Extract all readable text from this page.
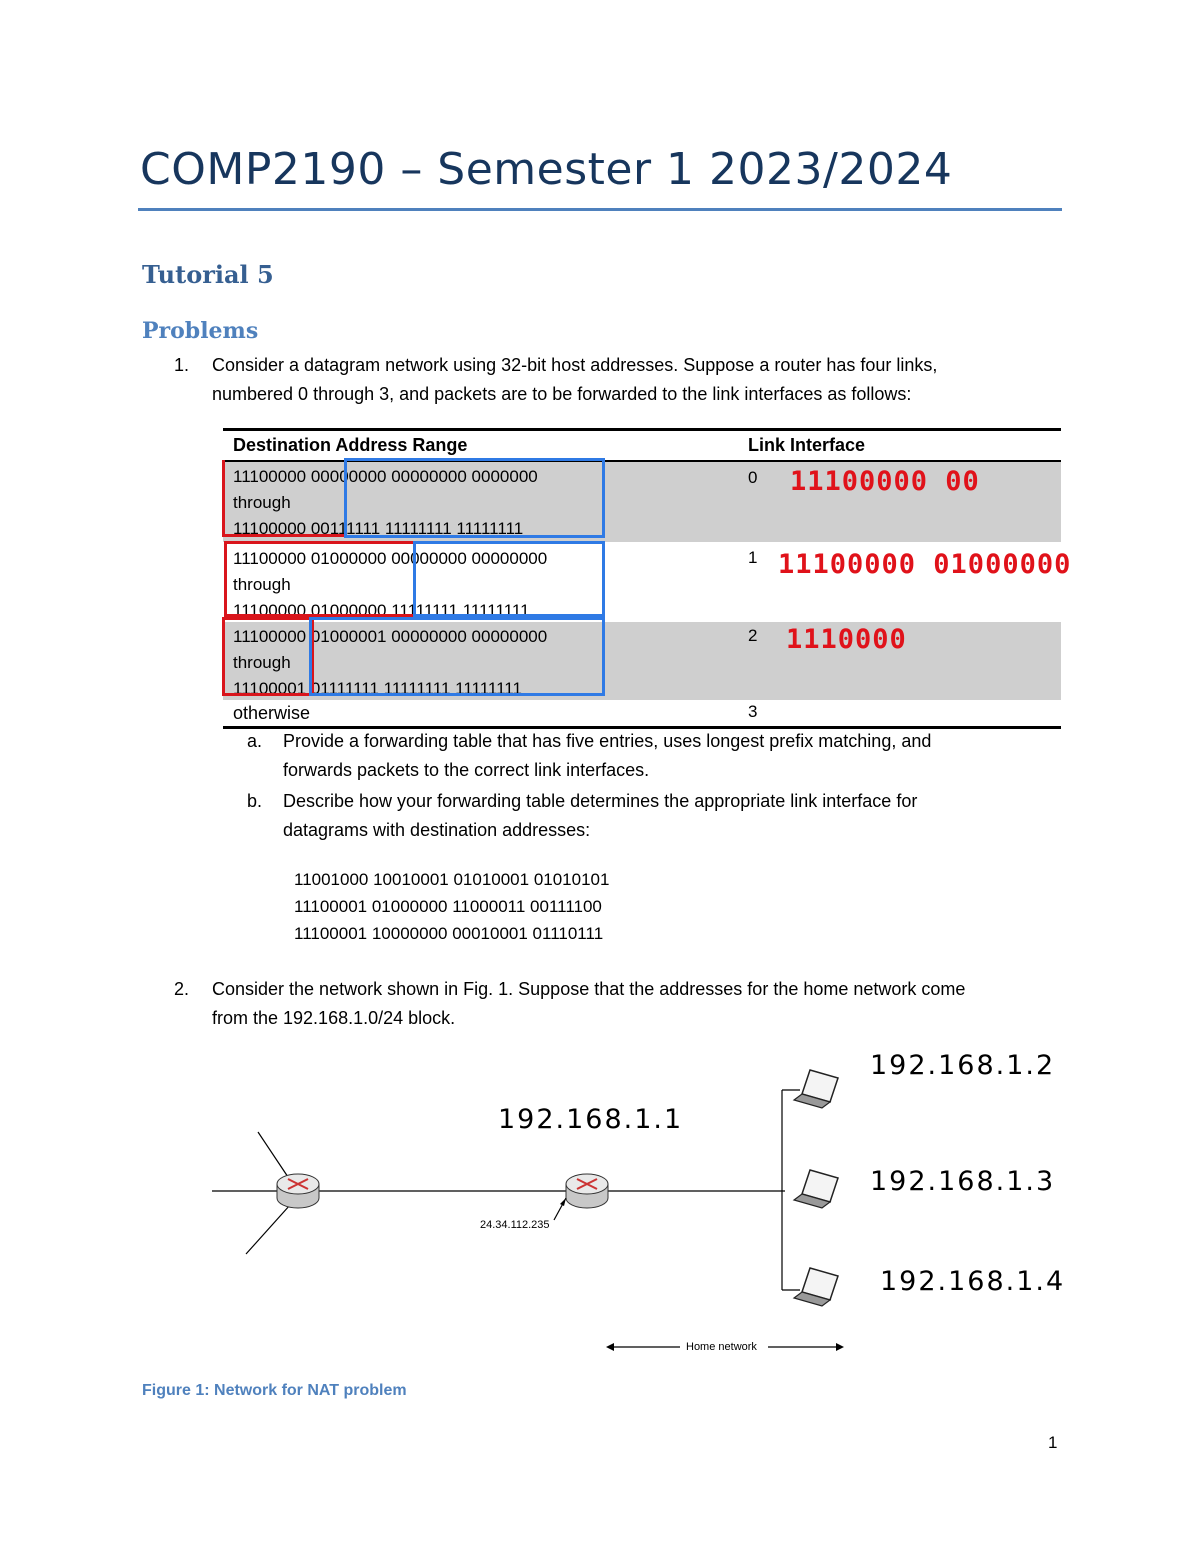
COMP2190 – Semester 1 2023/2024
Tutorial 5
Problems
1. Consider a datagram network using 32-bit host addresses. Suppose a router has four links,
numbered 0 through 3, and packets are to be forwarded to the link interfaces as follows:
Destination Address Range	Link Interface
11100000 00000000 00000000 0000000
through
11100000 00111111 11111111 11111111
0
11100000 01000000 00000000 00000000
through
11100000 01000000 11111111 11111111
1
11100000 01000001 00000000 00000000
through
11100001 01111111 11111111 11111111
2
otherwise	3
11100000 00
11100000 01000000
1110000
a. Provide a forwarding table that has five entries, uses longest prefix matching, and
forwards packets to the correct link interfaces.
b. Describe how your forwarding table determines the appropriate link interface for
datagrams with destination addresses:
11001000 10010001 01010001 01010101
11100001 01000000 11000011 00111100
11100001 10000000 00010001 01110111
2. Consider the network shown in Fig. 1. Suppose that the addresses for the home network come
from the 192.168.1.0/24 block.
24.34.112.235
Home network
192.168.1.1
192.168.1.2
192.168.1.3
192.168.1.4
Figure 1: Network for NAT problem
1
